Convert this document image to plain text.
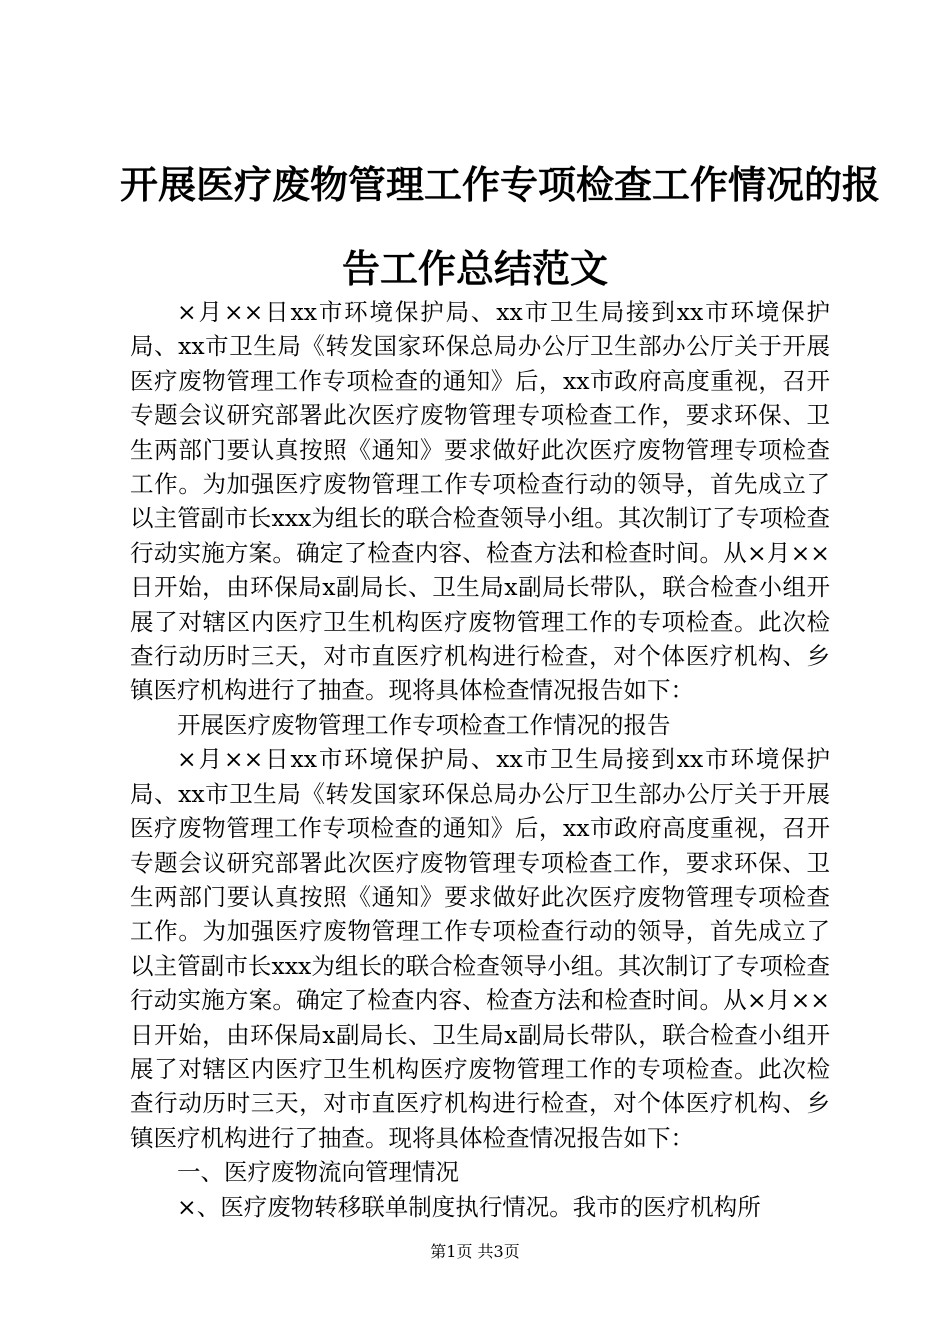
开展医疗废物管理工作专项检查工作情况的报
告工作总结范文

×月××日xx市环境保护局、xx市卫生局接到xx市环境保护局、xx市卫生局《转发国家环保总局办公厅卫生部办公厅关于开展医疗废物管理工作专项检查的通知》后，xx市政府高度重视，召开专题会议研究部署此次医疗废物管理专项检查工作，要求环保、卫生两部门要认真按照《通知》要求做好此次医疗废物管理专项检查工作。为加强医疗废物管理工作专项检查行动的领导，首先成立了以主管副市长xxx为组长的联合检查领导小组。其次制订了专项检查行动实施方案。确定了检查内容、检查方法和检查时间。从×月××日开始，由环保局x副局长、卫生局x副局长带队，联合检查小组开展了对辖区内医疗卫生机构医疗废物管理工作的专项检查。此次检查行动历时三天，对市直医疗机构进行检查，对个体医疗机构、乡镇医疗机构进行了抽查。现将具体检查情况报告如下：

开展医疗废物管理工作专项检查工作情况的报告

×月××日xx市环境保护局、xx市卫生局接到xx市环境保护局、xx市卫生局《转发国家环保总局办公厅卫生部办公厅关于开展医疗废物管理工作专项检查的通知》后，xx市政府高度重视，召开专题会议研究部署此次医疗废物管理专项检查工作，要求环保、卫生两部门要认真按照《通知》要求做好此次医疗废物管理专项检查工作。为加强医疗废物管理工作专项检查行动的领导，首先成立了以主管副市长xxx为组长的联合检查领导小组。其次制订了专项检查行动实施方案。确定了检查内容、检查方法和检查时间。从×月××日开始，由环保局x副局长、卫生局x副局长带队，联合检查小组开展了对辖区内医疗卫生机构医疗废物管理工作的专项检查。此次检查行动历时三天，对市直医疗机构进行检查，对个体医疗机构、乡镇医疗机构进行了抽查。现将具体检查情况报告如下：

一、医疗废物流向管理情况

×、医疗废物转移联单制度执行情况。我市的医疗机构所

第1页 共3页
